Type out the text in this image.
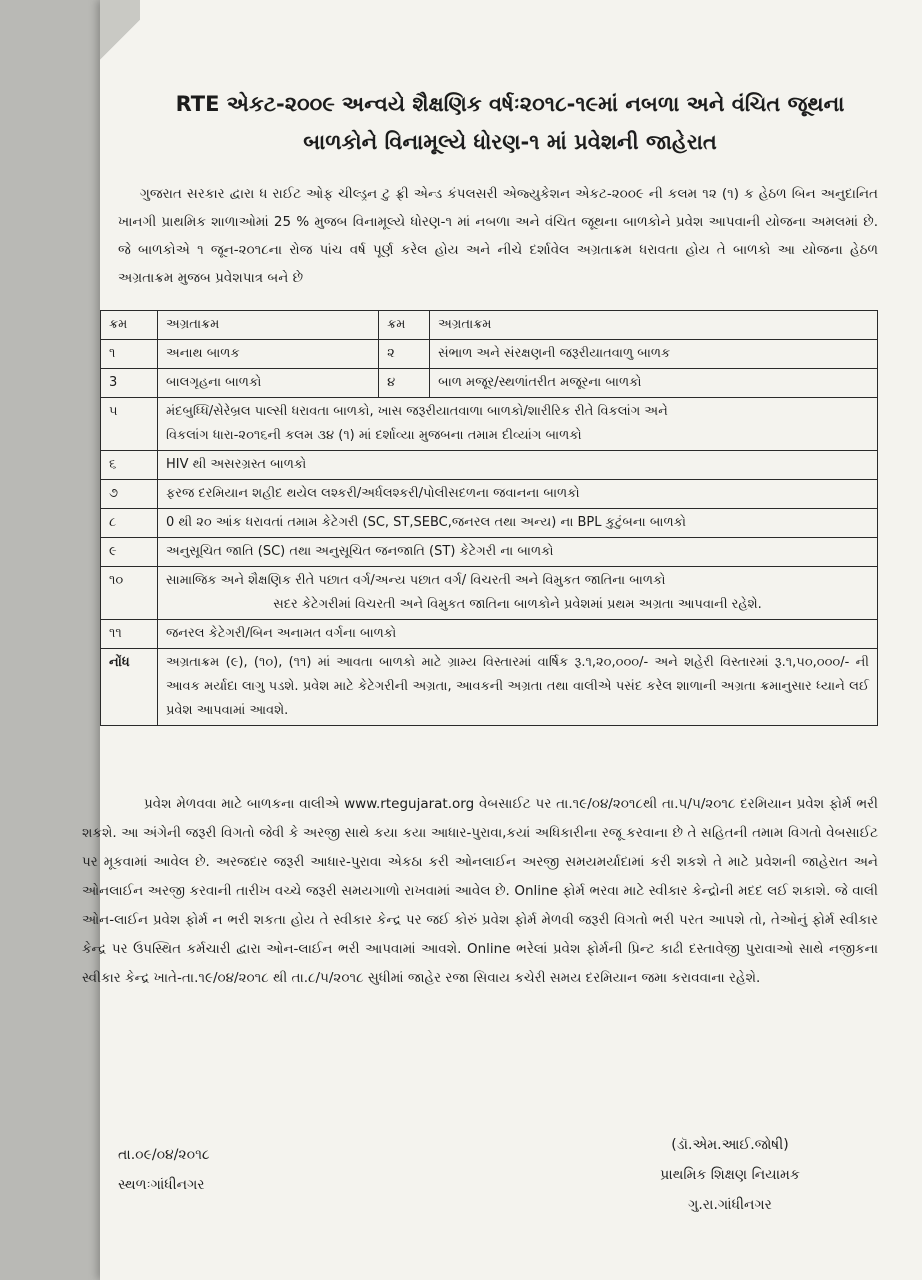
RTE એકટ-૨૦૦૯ અન્વયે શૈક્ષણિક વર્ષઃ૨૦૧૮-૧૯માં નબળા અને વંચિત જૂથના
બાળકોને વિનામૂલ્યે ધોરણ-૧ માં પ્રવેશની જાહેરાત
ગુજરાત સરકાર દ્વારા ધ રાઈટ ઓફ ચીલ્ડ્રન ટુ ફ્રી એન્ડ કંપલસરી એજ્યુકેશન એકટ-૨૦૦૯ ની કલમ ૧૨ (૧) ક હેઠળ બિન અનુદાનિત ખાનગી પ્રાથમિક શાળાઓમાં 25 % મુજબ વિનામૂલ્યે ધોરણ-૧ માં નબળા અને વંચિત જૂથના બાળકોને પ્રવેશ આપવાની યોજના અમલમાં છે. જે બાળકોએ ૧ જૂન-૨૦૧૮ના રોજ પાંચ વર્ષ પૂર્ણ કરેલ હોય અને નીચે દર્શાવેલ અગ્રતાક્રમ ધરાવતા હોય તે બાળકો આ યોજના હેઠળ અગ્રતાક્રમ મુજબ પ્રવેશપાત્ર બને છે
ક્રમ	અગ્રતાક્રમ	ક્રમ	અગ્રતાક્રમ
૧	અનાથ બાળક	૨	સંભાળ અને સંરક્ષણની જરૂરીયાતવાળુ બાળક
3	બાલગૃહના બાળકો	૪	બાળ મજૂર/સ્થળાંતરીત મજૂરના બાળકો
૫	મંદબુધ્ધિ/સેરેબ્રલ પાલ્સી ધરાવતા બાળકો, ખાસ જરૂરીયાતવાળા બાળકો/શારીરિક રીતે વિકલાંગ અને
વિકલાંગ ધારા-૨૦૧૬ની કલમ ૩૪ (૧) માં દર્શાવ્યા મુજબના તમામ દીવ્યાંગ બાળકો		

૬	HIV થી અસરગ્રસ્ત બાળકો		
૭	ફરજ દરમિયાન શહીદ થયેલ લશ્કરી/અર્ધલશ્કરી/પોલીસદળના જવાનના બાળકો		
૮	0 થી ૨૦ આંક ધરાવતાં તમામ કેટેગરી (SC, ST,SEBC,જનરલ તથા અન્ય) ના BPL કુટુંબના બાળકો		
૯	અનુસૂચિત જાતિ (SC) તથા અનુસૂચિત જનજાતિ (ST) કેટેગરી ના બાળકો		
૧૦	સામાજિક અને શૈક્ષણિક રીતે પછાત વર્ગ/અન્ય પછાત વર્ગ/ વિચરતી અને વિમુકત જાતિના બાળકો
સદર કેટેગરીમાં વિચરતી અને વિમુકત જાતિના બાળકોને પ્રવેશમાં પ્રથમ અગ્રતા આપવાની રહેશે.		

૧૧	જનરલ કેટેગરી/બિન અનામત વર્ગના બાળકો		
નોંધ	અગ્રતાક્રમ (૯), (૧૦), (૧૧) માં આવતા બાળકો માટે ગ્રામ્ય વિસ્તારમાં વાર્ષિક રૂ.૧,૨૦,૦૦૦/- અને શહેરી વિસ્તારમાં રૂ.૧,૫૦,૦૦૦/- ની આવક મર્યાદા લાગુ પડશે. પ્રવેશ માટે કેટેગરીની અગ્રતા, આવકની અગ્રતા તથા વાલીએ પસંદ કરેલ શાળાની અગ્રતા ક્રમાનુસાર ધ્યાને લઈ પ્રવેશ આપવામાં આવશે.		
પ્રવેશ મેળવવા માટે બાળકના વાલીએ www.rtegujarat.org વેબસાઈટ પર તા.૧૯/૦૪/૨૦૧૮થી તા.૫/૫/૨૦૧૮ દરમિયાન પ્રવેશ ફોર્મ ભરી શકશે. આ અંગેની જરૂરી વિગતો જેવી કે અરજી સાથે કયા કયા આધાર-પુરાવા,કયાં અધિકારીના રજૂ કરવાના છે તે સહિતની તમામ વિગતો વેબસાઈટ પર મૂકવામાં આવેલ છે. અરજદાર જરૂરી આધાર-પુરાવા એકઠા કરી ઓનલાઈન અરજી સમયમર્યાદામાં કરી શકશે તે માટે પ્રવેશની જાહેરાત અને ઓનલાઈન અરજી કરવાની તારીખ વચ્ચે જરૂરી સમયગાળો રાખવામાં આવેલ છે. Online ફોર્મ ભરવા માટે સ્વીકાર કેન્દ્રોની મદદ લઈ શકાશે. જે વાલી ઓન-લાઈન પ્રવેશ ફોર્મ ન ભરી શકતા હોય તે સ્વીકાર કેન્દ્ર પર જઈ કોરું પ્રવેશ ફોર્મ મેળવી જરૂરી વિગતો ભરી પરત આપશે તો, તેઓનું ફોર્મ સ્વીકાર કેન્દ્ર પર ઉપસ્થિત કર્મચારી દ્વારા ઓન-લાઈન ભરી આપવામાં આવશે. Online ભરેલાં પ્રવેશ ફોર્મની પ્રિન્ટ કાઢી દસ્તાવેજી પુરાવાઓ સાથે નજીકના સ્વીકાર કેન્દ્ર ખાતે-તા.૧૯/૦૪/૨૦૧૮ થી તા.૮/૫/૨૦૧૮ સુધીમાં જાહેર રજા સિવાય કચેરી સમય દરમિયાન જમા કરાવવાના રહેશે.
તા.૦૯/૦૪/૨૦૧૮
સ્થળઃગાંધીનગર
(ડૉ.એમ.આઈ.જોષી)
પ્રાથમિક શિક્ષણ નિયામક
ગુ.રા.ગાંધીનગર
